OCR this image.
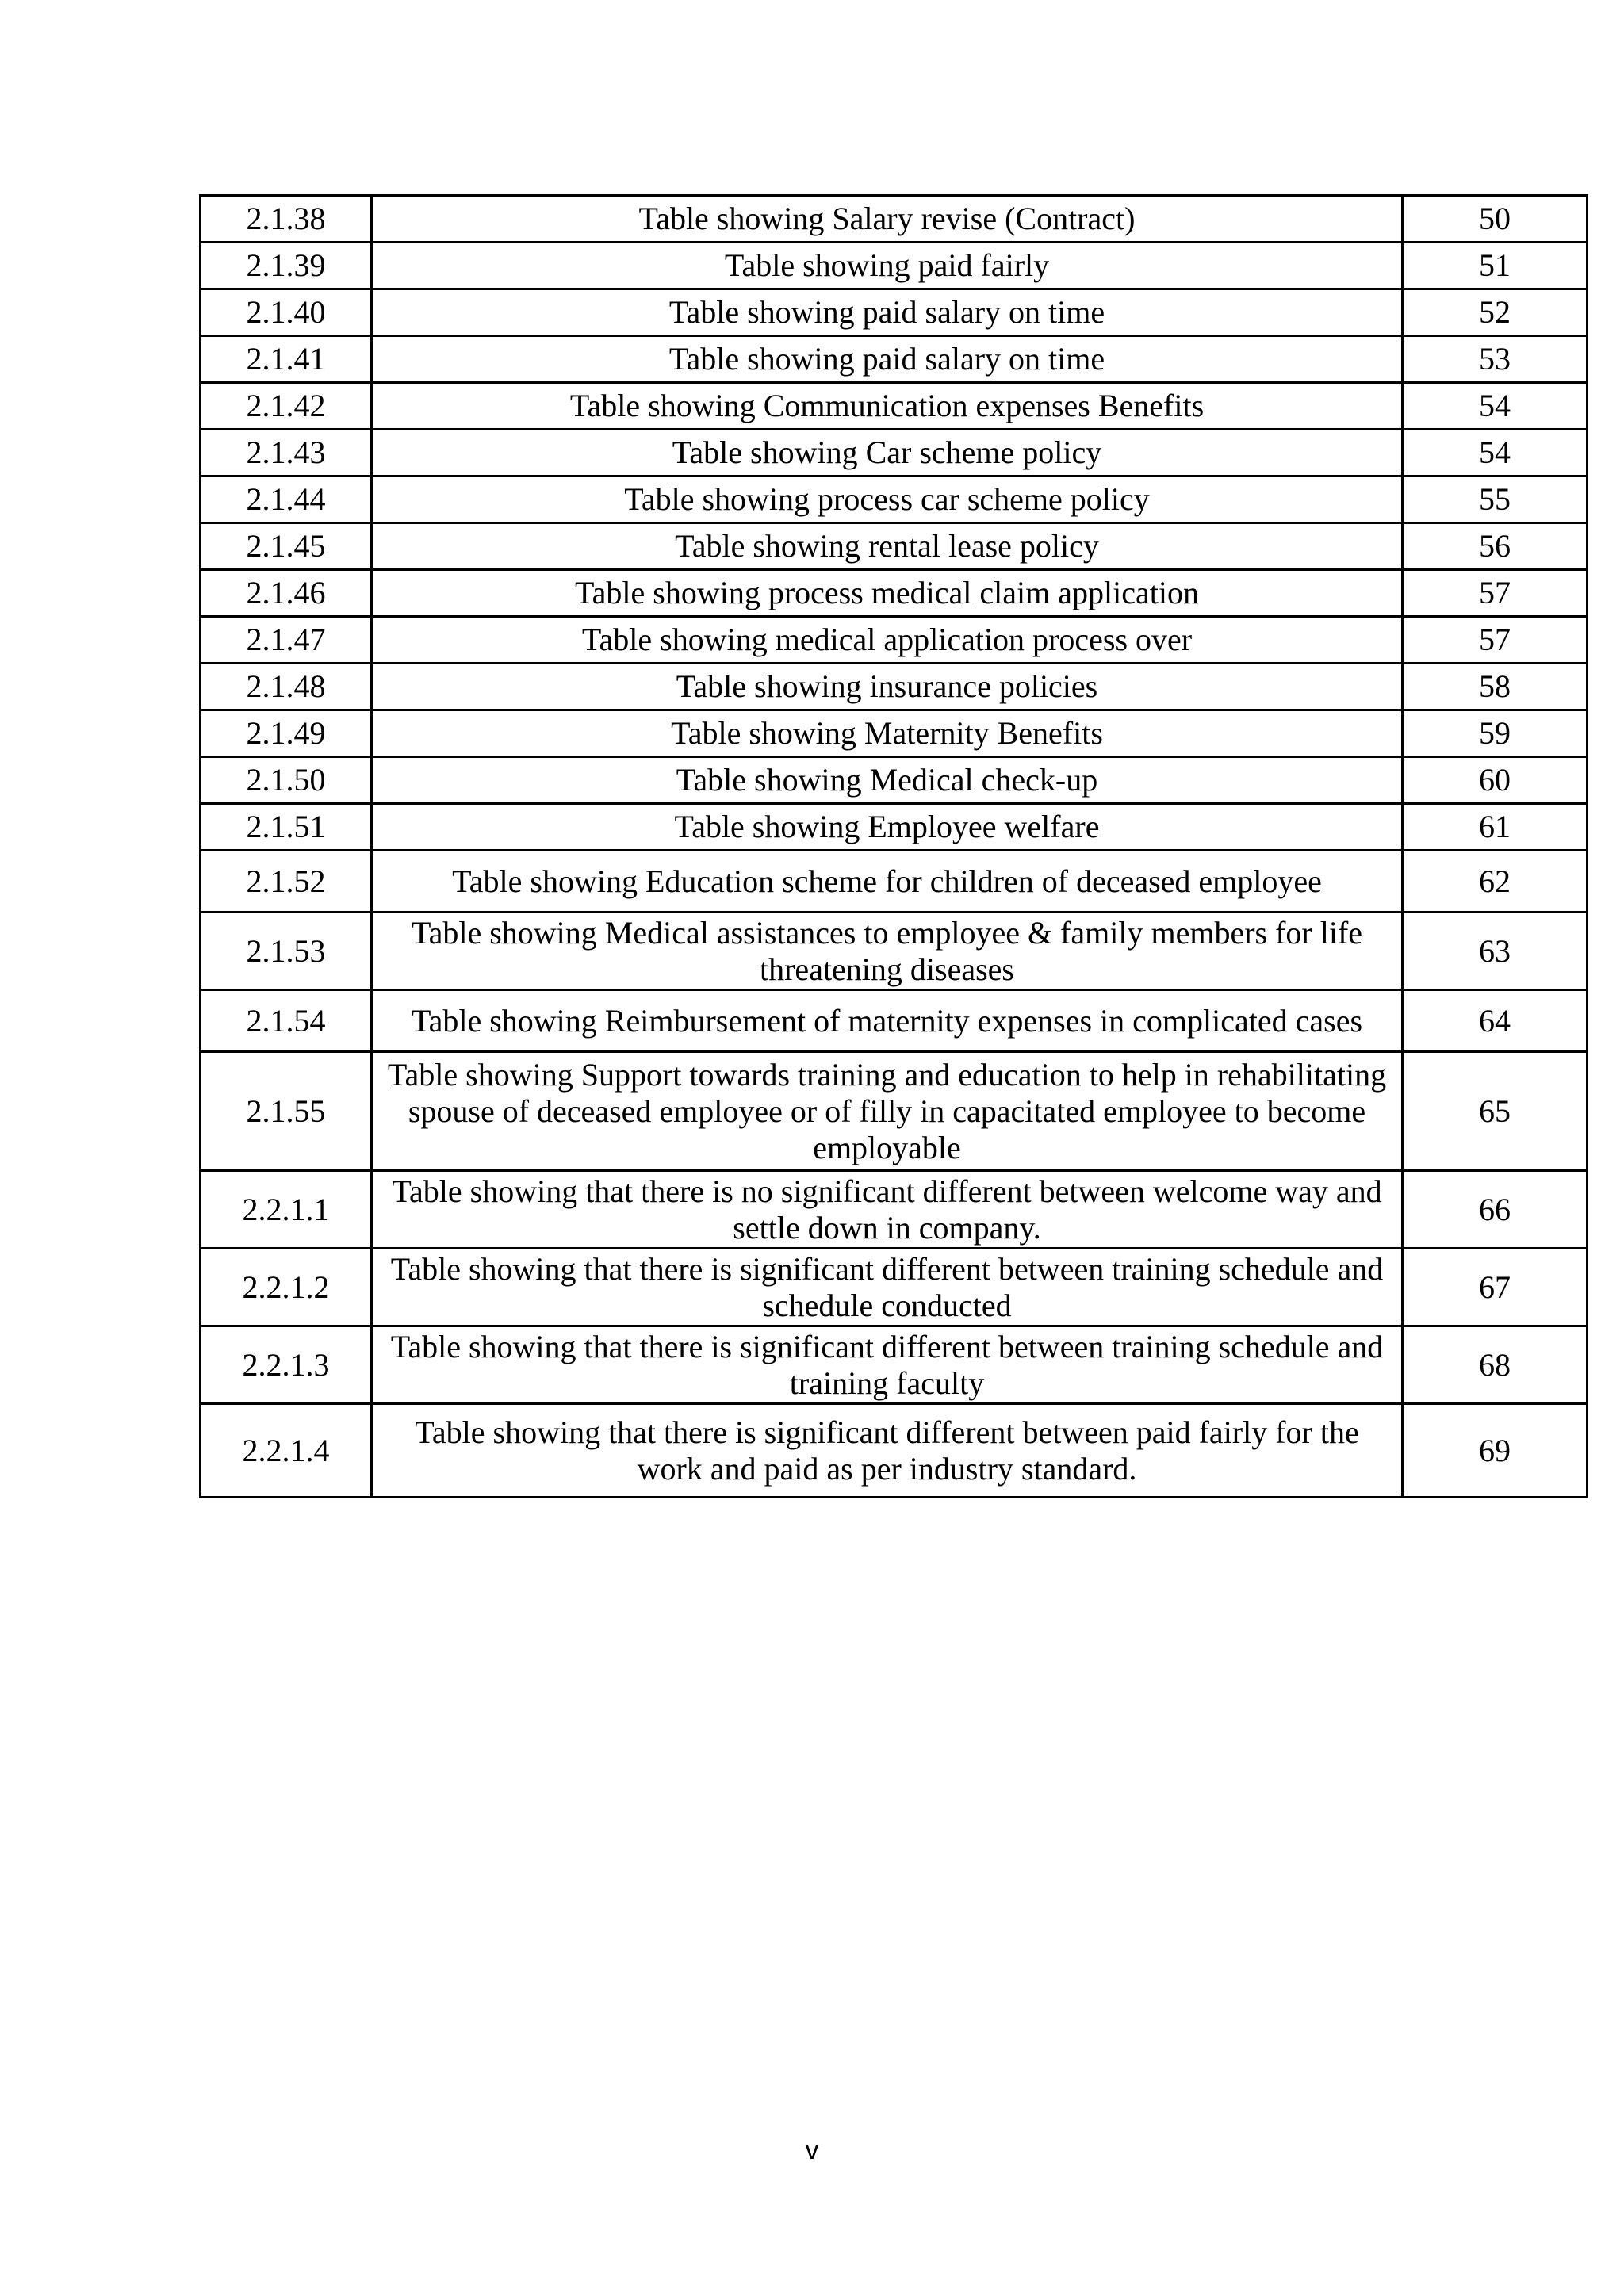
2.1.38	Table showing Salary revise (Contract)	50
2.1.39	Table showing paid fairly	51
2.1.40	Table showing paid salary on time	52
2.1.41	Table showing paid salary on time	53
2.1.42	Table showing Communication expenses Benefits	54
2.1.43	Table showing Car scheme policy	54
2.1.44	Table showing process car scheme policy	55
2.1.45	Table showing rental lease policy	56
2.1.46	Table showing process medical claim application	57
2.1.47	Table showing medical application process over	57
2.1.48	Table showing insurance policies	58
2.1.49	Table showing Maternity Benefits	59
2.1.50	Table showing Medical check-up	60
2.1.51	Table showing Employee welfare	61
2.1.52	Table showing Education scheme for children of deceased employee	62
2.1.53	Table showing Medical assistances to employee & family members for life threatening diseases	63
2.1.54	Table showing Reimbursement of maternity expenses in complicated cases	64
2.1.55	Table showing Support towards training and education to help in rehabilitating spouse of deceased employee or of filly in capacitated employee to become employable	65
2.2.1.1	Table showing that there is no significant different between welcome way and settle down in company.	66
2.2.1.2	Table showing that there is significant different between training schedule and schedule conducted	67
2.2.1.3	Table showing that there is significant different between training schedule and training faculty	68
2.2.1.4	Table showing that there is significant different between paid fairly for the work and paid as per industry standard.	69
v
